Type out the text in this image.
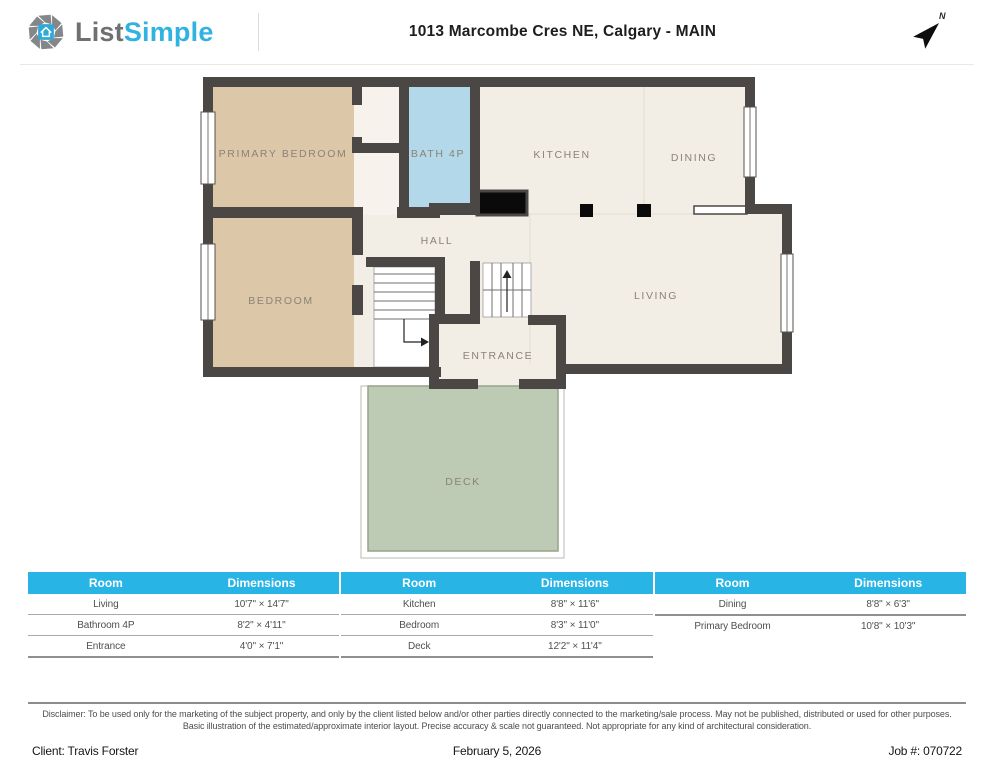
ListSimple	1013 Marcombe Cres NE, Calgary - MAIN
N
PRIMARY BEDROOM	BATH 4P	KITCHEN	DINING
HALL
BEDROOM	LIVING
ENTRANCE
DECK
Room	Dimensions
Living	10'7" × 14'7"
Bathroom 4P	8'2" × 4'11"
Entrance	4'0" × 7'1"
Room	Dimensions
Kitchen	8'8" × 11'6"
Bedroom	8'3" × 11'0"
Deck	12'2" × 11'4"
Room	Dimensions
Dining	8'8" × 6'3"
Primary Bedroom	10'8" × 10'3"
Disclaimer: To be used only for the marketing of the subject property, and only by the client listed below and/or other parties directly connected to the marketing/sale process. May not be published, distributed or used for other purposes. Basic illustration of the estimated/approximate interior layout. Precise accuracy & scale not guaranteed. Not appropriate for any kind of architectural consideration.
Client: Travis Forster	February 5, 2026	Job #: 070722
